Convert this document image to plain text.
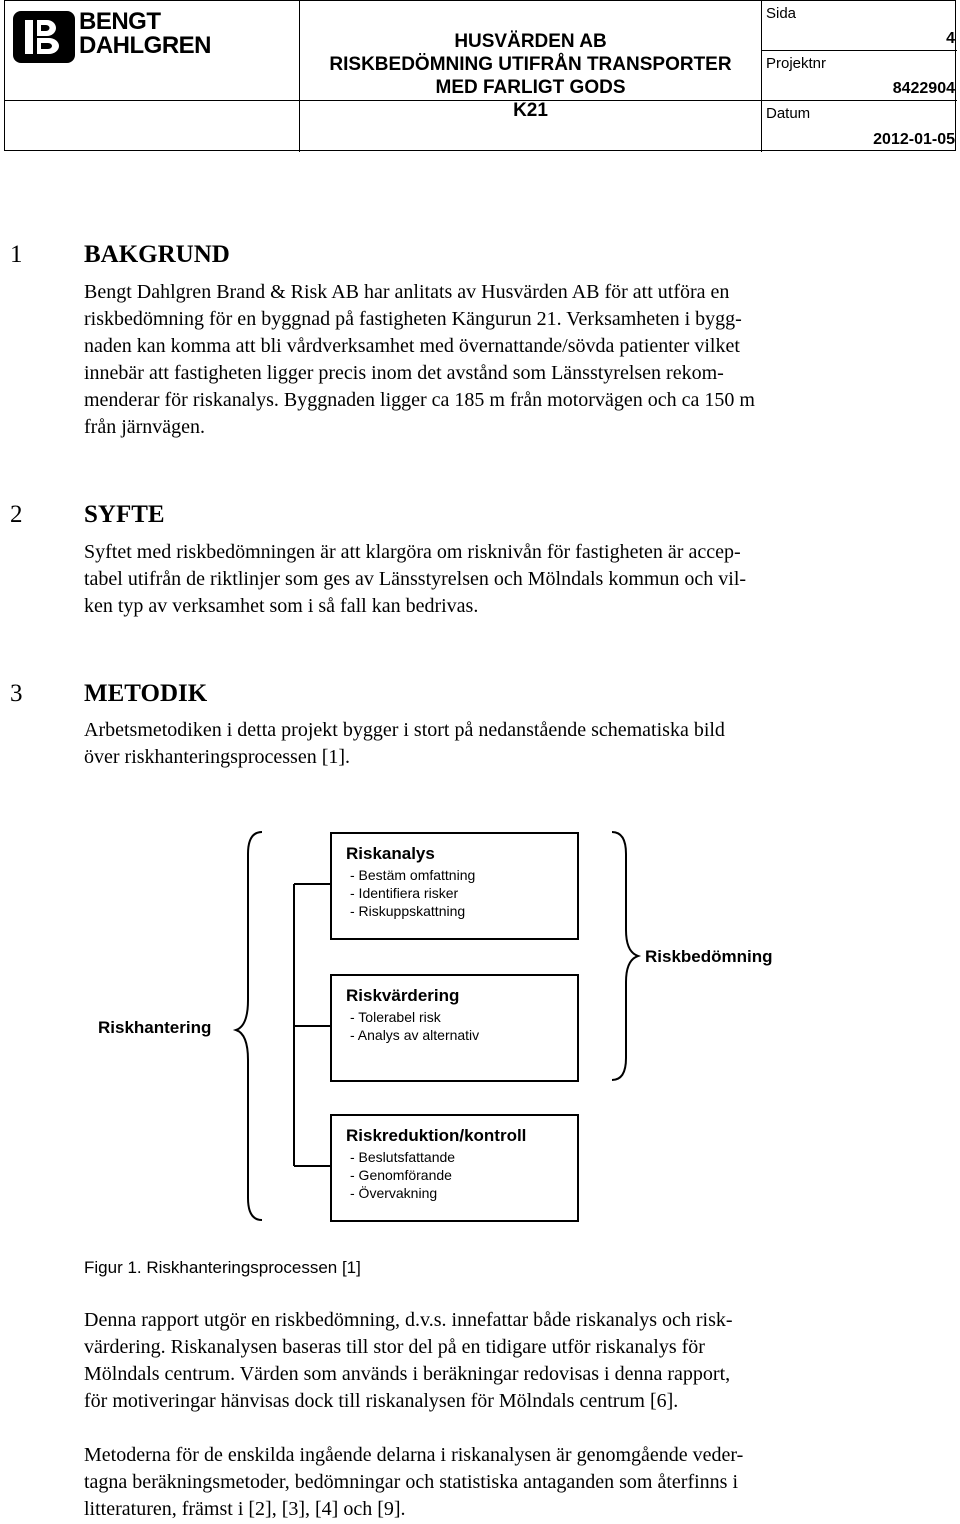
BENGT
DAHLGREN	HUSVÄRDEN AB
RISKBEDÖMNING UTIFRÅN TRANSPORTER
MED FARLIGT GODS
K21
Sida
4
Projektnr
8422904
Datum
2012-01-05
1 BAKGRUND
Bengt Dahlgren Brand & Risk AB har anlitats av Husvärden AB för att utföra en
riskbedömning för en byggnad på fastigheten Kängurun 21. Verksamheten i bygg-
naden kan komma att bli vårdverksamhet med övernattande/sövda patienter vilket
innebär att fastigheten ligger precis inom det avstånd som Länsstyrelsen rekom-
menderar för riskanalys. Byggnaden ligger ca 185 m från motorvägen och ca 150 m
från järnvägen.
2 SYFTE
Syftet med riskbedömningen är att klargöra om risknivån för fastigheten är accep-
tabel utifrån de riktlinjer som ges av Länsstyrelsen och Mölndals kommun och vil-
ken typ av verksamhet som i så fall kan bedrivas.
3 METODIK
Arbetsmetodiken i detta projekt bygger i stort på nedanstående schematiska bild
över riskhanteringsprocessen [1].
Riskanalys
- Bestäm omfattning
- Identifiera risker
- Riskuppskattning
Riskvärdering
- Tolerabel risk
- Analys av alternativ
Riskreduktion/kontroll
- Beslutsfattande
- Genomförande
- Övervakning
Riskhantering
Riskbedömning
Figur 1. Riskhanteringsprocessen [1]
Denna rapport utgör en riskbedömning, d.v.s. innefattar både riskanalys och risk-
värdering. Riskanalysen baseras till stor del på en tidigare utför riskanalys för
Mölndals centrum. Värden som används i beräkningar redovisas i denna rapport,
för motiveringar hänvisas dock till riskanalysen för Mölndals centrum [6].
Metoderna för de enskilda ingående delarna i riskanalysen är genomgående veder-
tagna beräkningsmetoder, bedömningar och statistiska antaganden som återfinns i
litteraturen, främst i [2], [3], [4] och [9].
